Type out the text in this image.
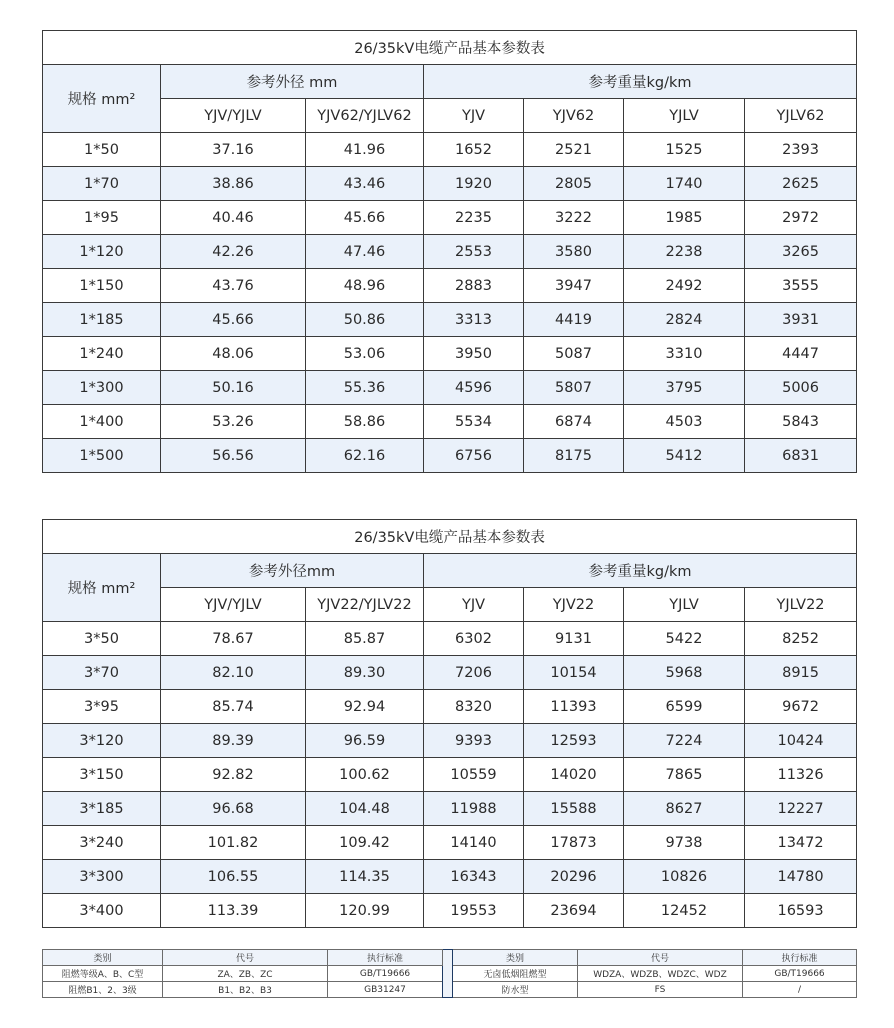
26/35kV电缆产品基本参数表						
规格 mm²	参考外径 mm		参考重量kg/km			
	YJV/YJLV	YJV62/YJLV62	YJV	YJV62	YJLV	YJLV62
1*50	37.16	41.96	1652	2521	1525	2393
1*70	38.86	43.46	1920	2805	1740	2625
1*95	40.46	45.66	2235	3222	1985	2972
1*120	42.26	47.46	2553	3580	2238	3265
1*150	43.76	48.96	2883	3947	2492	3555
1*185	45.66	50.86	3313	4419	2824	3931
1*240	48.06	53.06	3950	5087	3310	4447
1*300	50.16	55.36	4596	5807	3795	5006
1*400	53.26	58.86	5534	6874	4503	5843
1*500	56.56	62.16	6756	8175	5412	6831
26/35kV电缆产品基本参数表						
规格 mm²	参考外径mm		参考重量kg/km			
	YJV/YJLV	YJV22/YJLV22	YJV	YJV22	YJLV	YJLV22
3*50	78.67	85.87	6302	9131	5422	8252
3*70	82.10	89.30	7206	10154	5968	8915
3*95	85.74	92.94	8320	11393	6599	9672
3*120	89.39	96.59	9393	12593	7224	10424
3*150	92.82	100.62	10559	14020	7865	11326
3*185	96.68	104.48	11988	15588	8627	12227
3*240	101.82	109.42	14140	17873	9738	13472
3*300	106.55	114.35	16343	20296	10826	14780
3*400	113.39	120.99	19553	23694	12452	16593
类别	代号	执行标准		类别	代号	执行标准
阻燃等级A、B、C型	ZA、ZB、ZC	GB/T19666		无卤低烟阻燃型	WDZA、WDZB、WDZC、WDZ	GB/T19666
阻燃B1、2、3级	B1、B2、B3	GB31247		防水型	FS	/
